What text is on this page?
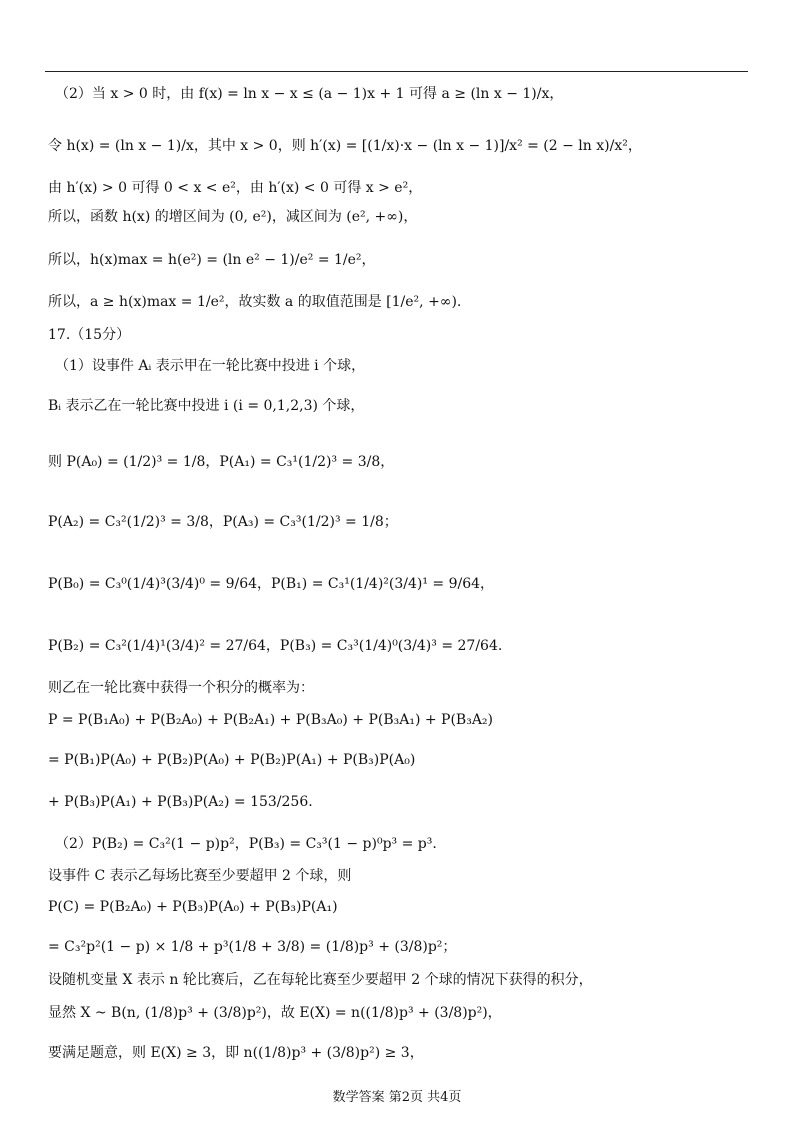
（2）当 x > 0 时，由 f(x) = ln x − x ≤ (a − 1)x + 1 可得 a ≥ (ln x − 1)/x，
令 h(x) = (ln x − 1)/x，其中 x > 0，则 h′(x) = [(1/x)·x − (ln x − 1)]/x² = (2 − ln x)/x²，
由 h′(x) > 0 可得 0 < x < e²，由 h′(x) < 0 可得 x > e²，
所以，函数 h(x) 的增区间为 (0, e²)，减区间为 (e², +∞)，
所以，h(x)max = h(e²) = (ln e² − 1)/e² = 1/e²，
所以，a ≥ h(x)max = 1/e²，故实数 a 的取值范围是 [1/e², +∞).
17.（15分）
（1）设事件 Aᵢ 表示甲在一轮比赛中投进 i 个球，
Bᵢ 表示乙在一轮比赛中投进 i (i = 0,1,2,3) 个球，
则 P(A₀) = (1/2)³ = 1/8，P(A₁) = C₃¹(1/2)³ = 3/8，
P(A₂) = C₃²(1/2)³ = 3/8，P(A₃) = C₃³(1/2)³ = 1/8；
P(B₀) = C₃⁰(1/4)³(3/4)⁰ = 9/64，P(B₁) = C₃¹(1/4)²(3/4)¹ = 9/64，
P(B₂) = C₃²(1/4)¹(3/4)² = 27/64，P(B₃) = C₃³(1/4)⁰(3/4)³ = 27/64.
则乙在一轮比赛中获得一个积分的概率为：
P = P(B₁A₀) + P(B₂A₀) + P(B₂A₁) + P(B₃A₀) + P(B₃A₁) + P(B₃A₂)
= P(B₁)P(A₀) + P(B₂)P(A₀) + P(B₂)P(A₁) + P(B₃)P(A₀)
+ P(B₃)P(A₁) + P(B₃)P(A₂) = 153/256.
（2）P(B₂) = C₃²(1 − p)p²，P(B₃) = C₃³(1 − p)⁰p³ = p³.
设事件 C 表示乙每场比赛至少要超甲 2 个球，则
P(C) = P(B₂A₀) + P(B₃)P(A₀) + P(B₃)P(A₁)
= C₃²p²(1 − p) × 1/8 + p³(1/8 + 3/8) = (1/8)p³ + (3/8)p²；
设随机变量 X 表示 n 轮比赛后，乙在每轮比赛至少要超甲 2 个球的情况下获得的积分，
显然 X ~ B(n, (1/8)p³ + (3/8)p²)，故 E(X) = n((1/8)p³ + (3/8)p²)，
要满足题意，则 E(X) ≥ 3，即 n((1/8)p³ + (3/8)p²) ≥ 3，
数学答案 第2页 共4页
